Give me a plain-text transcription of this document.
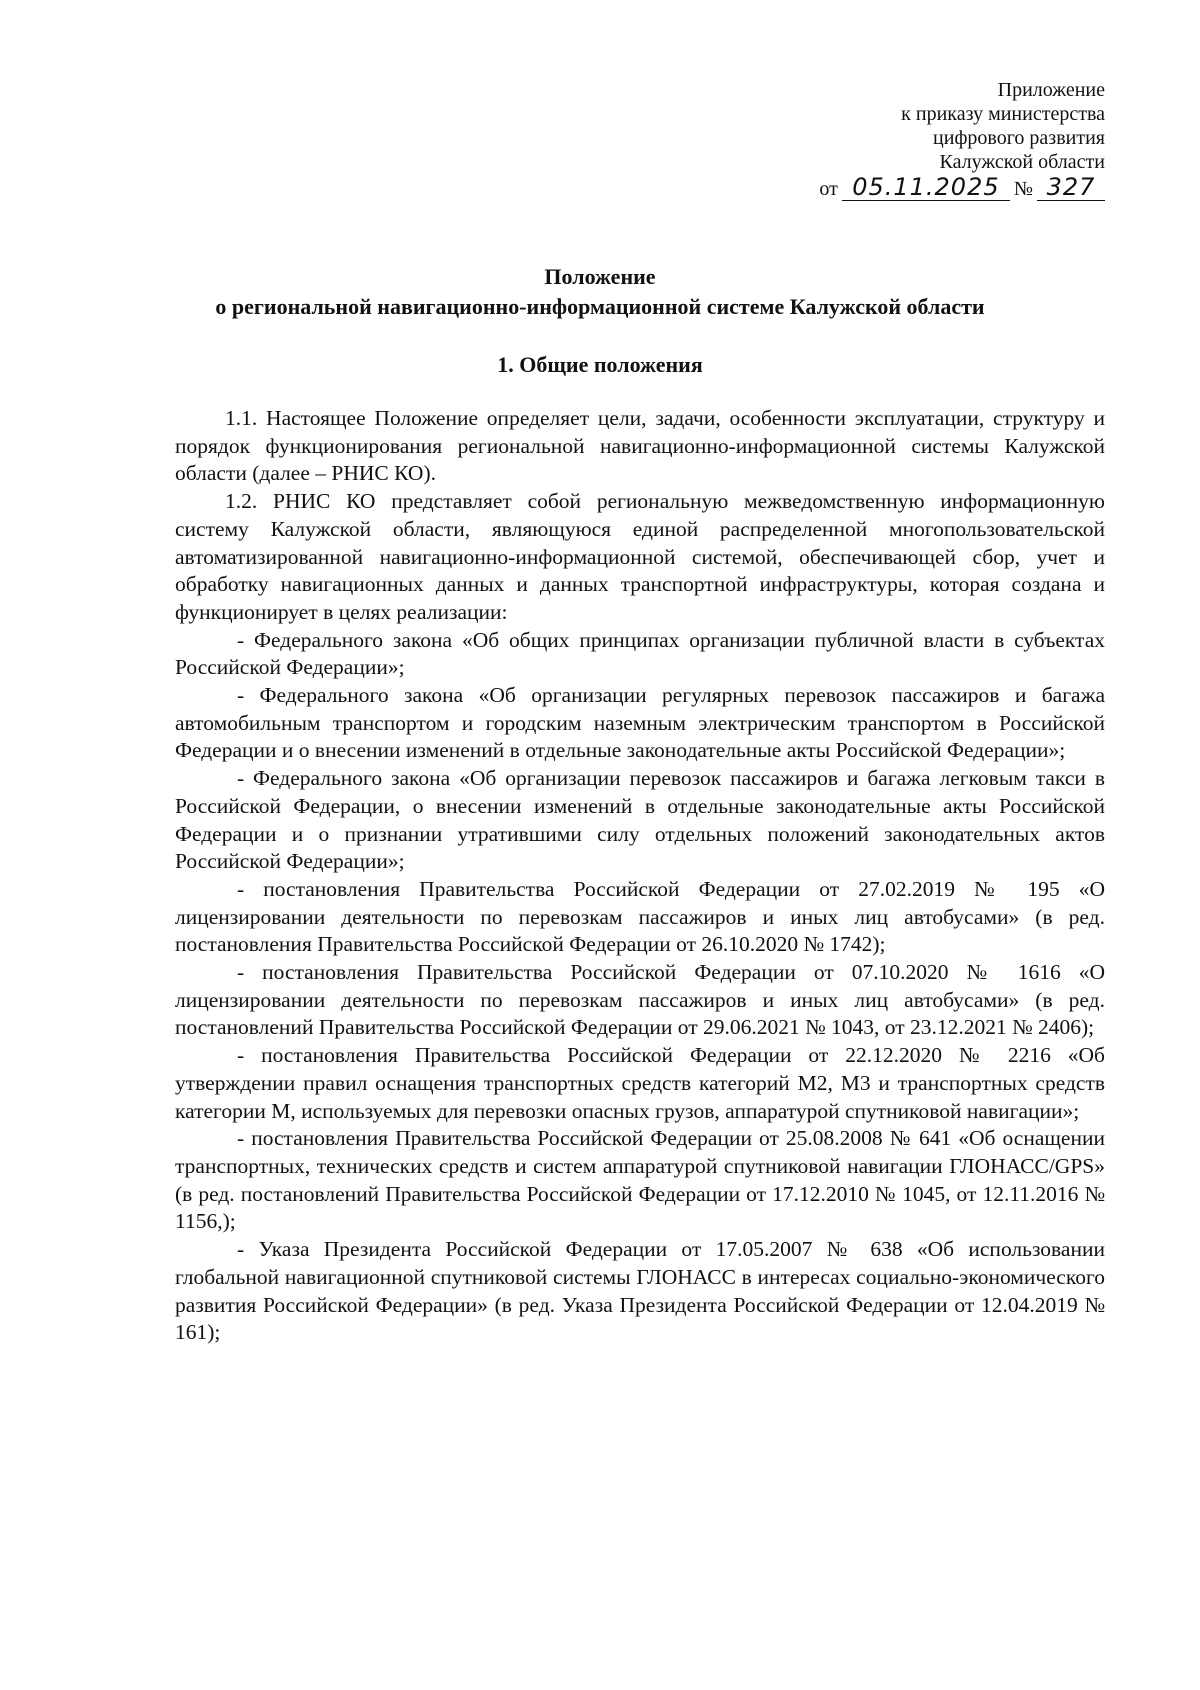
Приложение
к приказу министерства
цифрового развития
Калужской области
от 05.11.2025 № 327
Положение
о региональной навигационно-информационной системе Калужской области
1. Общие положения

1.1. Настоящее Положение определяет цели, задачи, особенности эксплуатации, структуру и порядок функционирования региональной навигационно-информационной системы Калужской области (далее – РНИС КО).

1.2. РНИС КО представляет собой региональную межведомственную информационную систему Калужской области, являющуюся единой распределенной многопользовательской автоматизированной навигационно-информационной системой, обеспечивающей сбор, учет и обработку навигационных данных и данных транспортной инфраструктуры, которая создана и функционирует в целях реализации:

- Федерального закона «Об общих принципах организации публичной власти в субъектах Российской Федерации»;

- Федерального закона «Об организации регулярных перевозок пассажиров и багажа автомобильным транспортом и городским наземным электрическим транспортом в Российской Федерации и о внесении изменений в отдельные законодательные акты Российской Федерации»;

- Федерального закона «Об организации перевозок пассажиров и багажа легковым такси в Российской Федерации, о внесении изменений в отдельные законодательные акты Российской Федерации и о признании утратившими силу отдельных положений законодательных актов Российской Федерации»;

- постановления Правительства Российской Федерации от 27.02.2019 № 195 «О лицензировании деятельности по перевозкам пассажиров и иных лиц автобусами» (в ред. постановления Правительства Российской Федерации от 26.10.2020 № 1742);

- постановления Правительства Российской Федерации от 07.10.2020 № 1616 «О лицензировании деятельности по перевозкам пассажиров и иных лиц автобусами» (в ред. постановлений Правительства Российской Федерации от 29.06.2021 № 1043, от 23.12.2021 № 2406);

- постановления Правительства Российской Федерации от 22.12.2020 № 2216 «Об утверждении правил оснащения транспортных средств категорий М2, М3 и транспортных средств категории М, используемых для перевозки опасных грузов, аппаратурой спутниковой навигации»;

- постановления Правительства Российской Федерации от 25.08.2008 № 641 «Об оснащении транспортных, технических средств и систем аппаратурой спутниковой навигации ГЛОНАСС/GPS» (в ред. постановлений Правительства Российской Федерации от 17.12.2010 № 1045, от 12.11.2016 № 1156,);

- Указа Президента Российской Федерации от 17.05.2007 № 638 «Об использовании глобальной навигационной спутниковой системы ГЛОНАСС в интересах социально-экономического развития Российской Федерации» (в ред. Указа Президента Российской Федерации от 12.04.2019 № 161);
